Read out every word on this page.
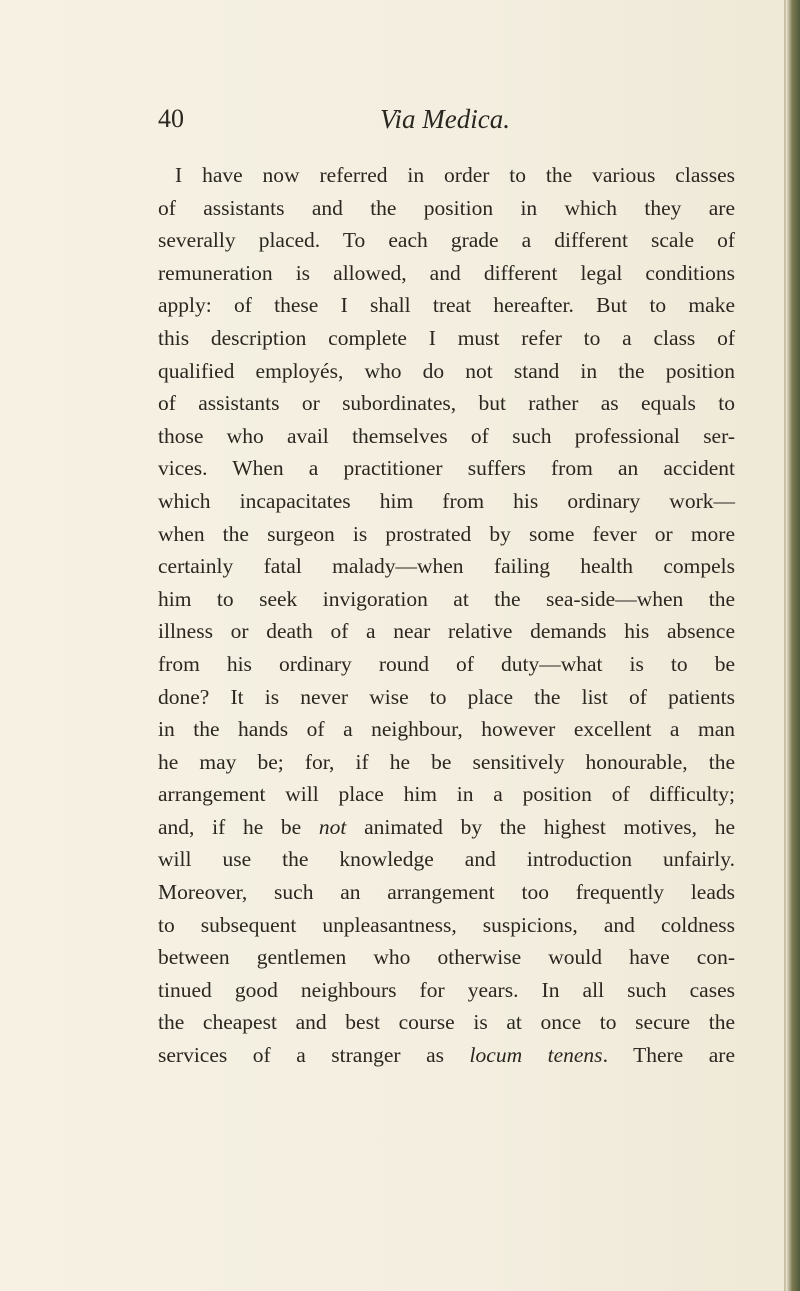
40	Via Medica.
I have now referred in order to the various classes
of assistants and the position in which they are
severally placed. To each grade a different scale of
remuneration is allowed, and different legal conditions
apply: of these I shall treat hereafter. But to make
this description complete I must refer to a class of
qualified employés, who do not stand in the position
of assistants or subordinates, but rather as equals to
those who avail themselves of such professional ser-
vices. When a practitioner suffers from an accident
which incapacitates him from his ordinary work—
when the surgeon is prostrated by some fever or more
certainly fatal malady—when failing health compels
him to seek invigoration at the sea-side—when the
illness or death of a near relative demands his absence
from his ordinary round of duty—what is to be
done? It is never wise to place the list of patients
in the hands of a neighbour, however excellent a man
he may be; for, if he be sensitively honourable, the
arrangement will place him in a position of difficulty;
and, if he be not animated by the highest motives, he
will use the knowledge and introduction unfairly.
Moreover, such an arrangement too frequently leads
to subsequent unpleasantness, suspicions, and coldness
between gentlemen who otherwise would have con-
tinued good neighbours for years. In all such cases
the cheapest and best course is at once to secure the
services of a stranger as locum tenens. There are
